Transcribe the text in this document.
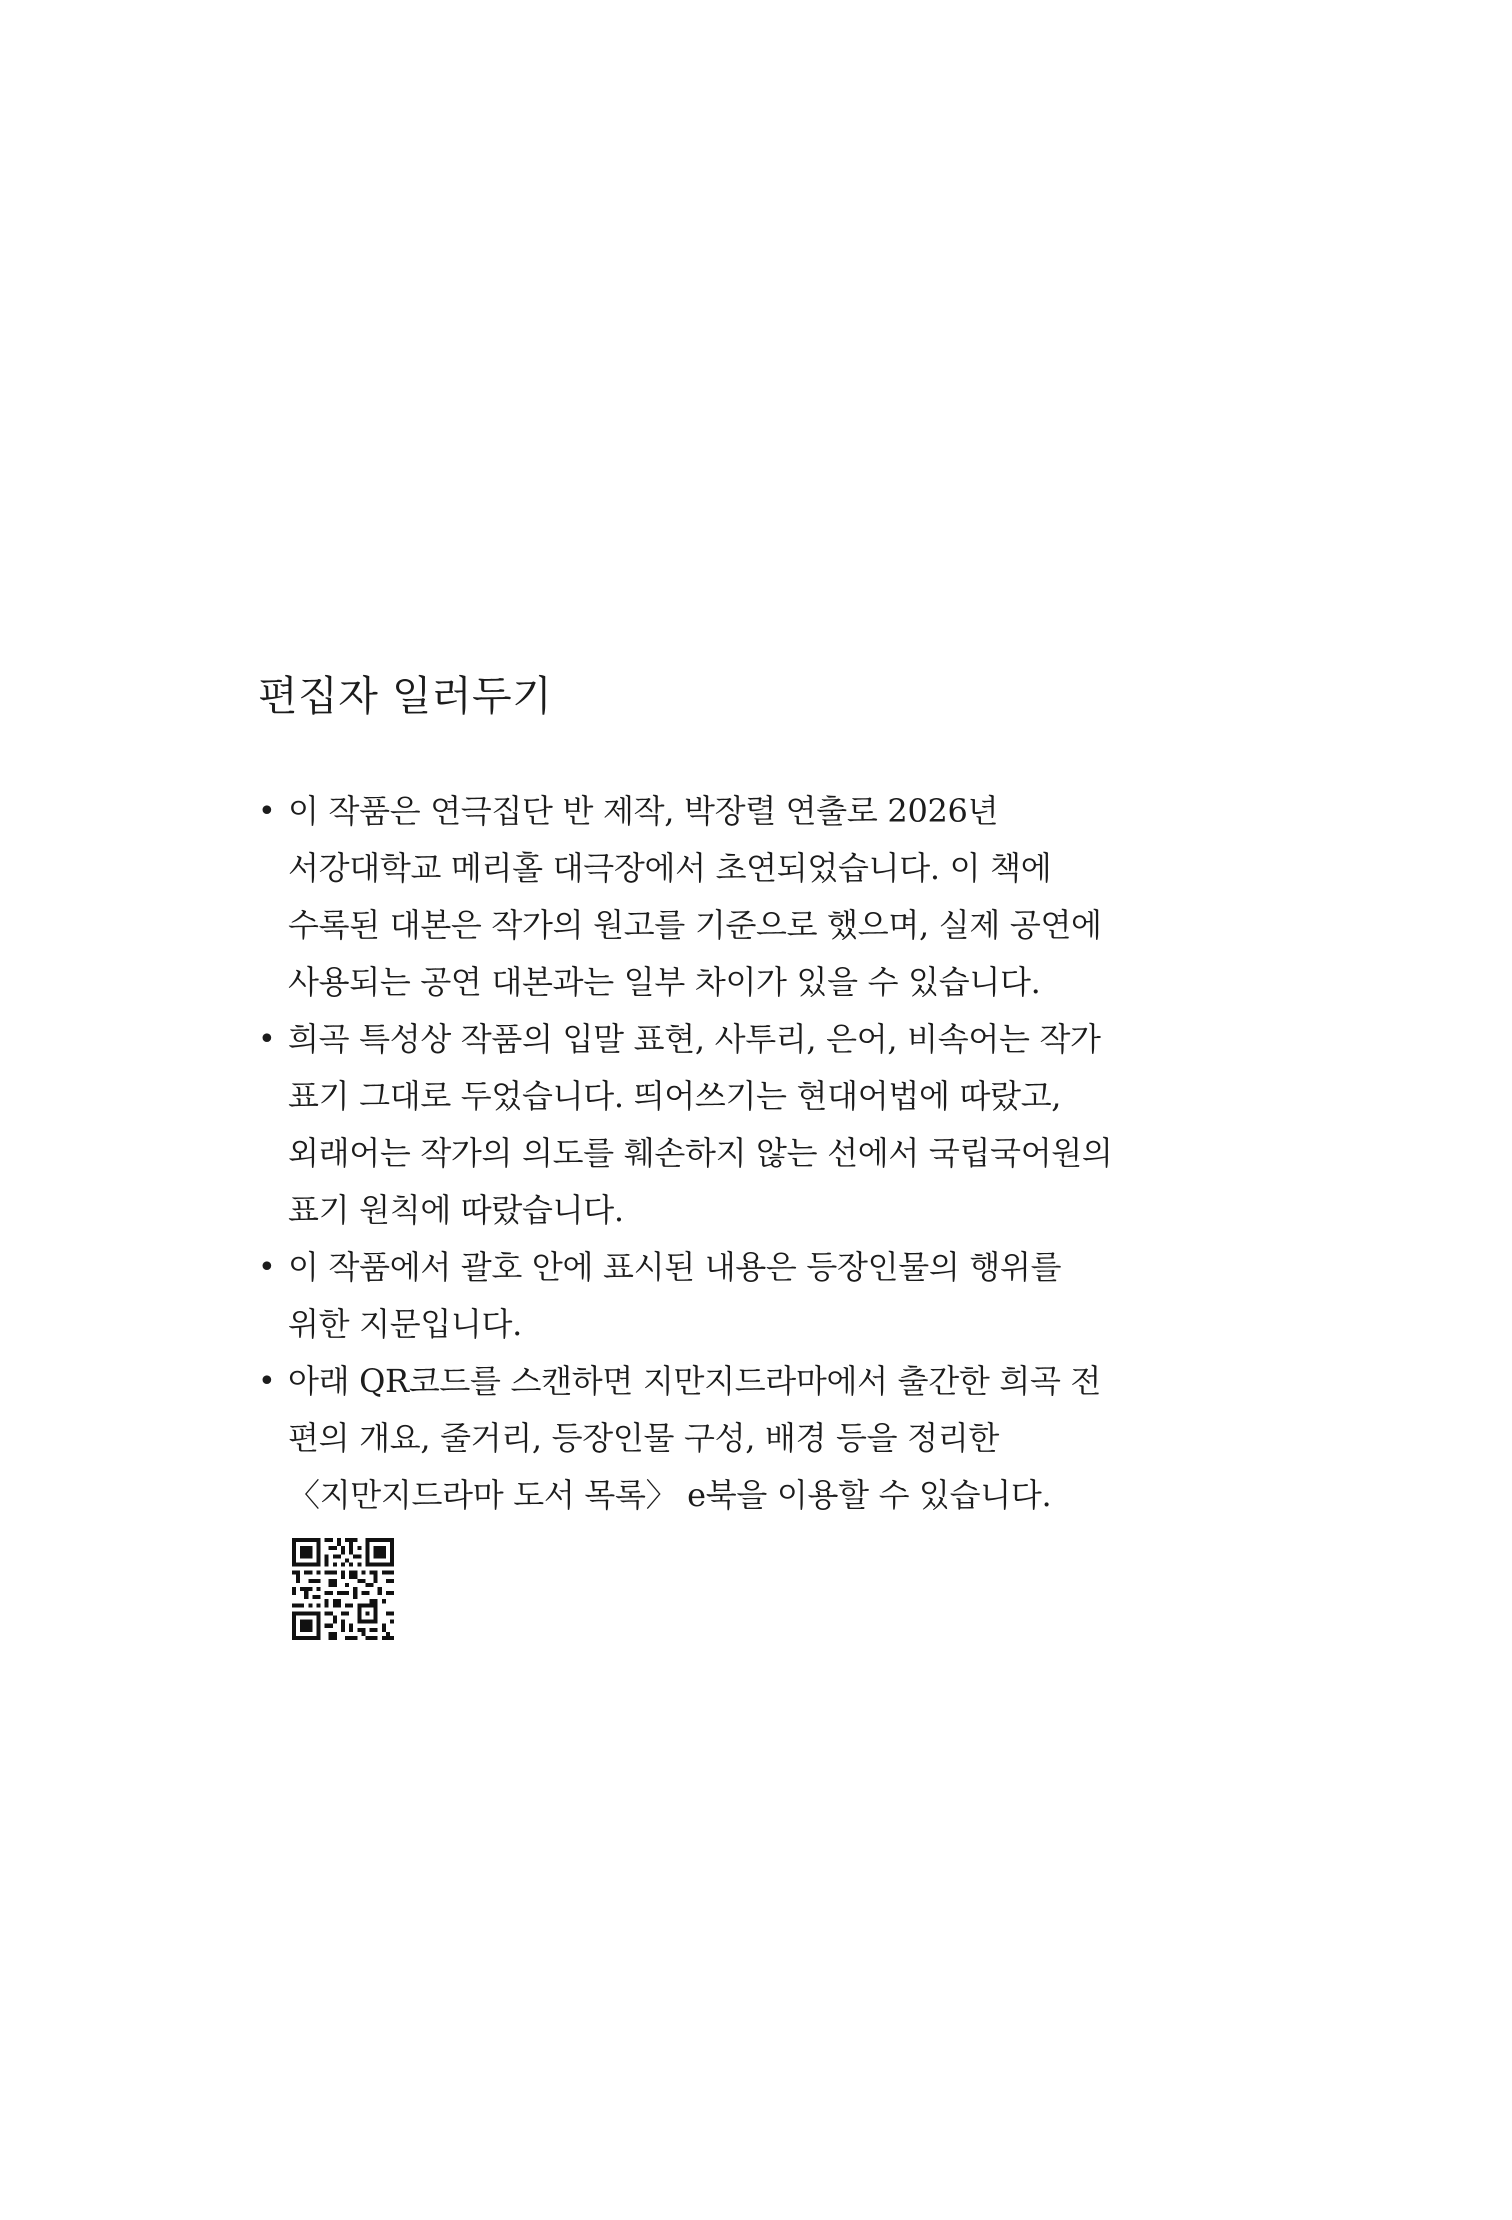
편집자 일러두기
• 이 작품은 연극집단 반 제작, 박장렬 연출로 2026년
서강대학교 메리홀 대극장에서 초연되었습니다. 이 책에
수록된 대본은 작가의 원고를 기준으로 했으며, 실제 공연에
사용되는 공연 대본과는 일부 차이가 있을 수 있습니다.
• 희곡 특성상 작품의 입말 표현, 사투리, 은어, 비속어는 작가
표기 그대로 두었습니다. 띄어쓰기는 현대어법에 따랐고,
외래어는 작가의 의도를 훼손하지 않는 선에서 국립국어원의
표기 원칙에 따랐습니다.
• 이 작품에서 괄호 안에 표시된 내용은 등장인물의 행위를
위한 지문입니다.
• 아래 QR코드를 스캔하면 지만지드라마에서 출간한 희곡 전
편의 개요, 줄거리, 등장인물 구성, 배경 등을 정리한
〈지만지드라마 도서 목록〉 e북을 이용할 수 있습니다.
